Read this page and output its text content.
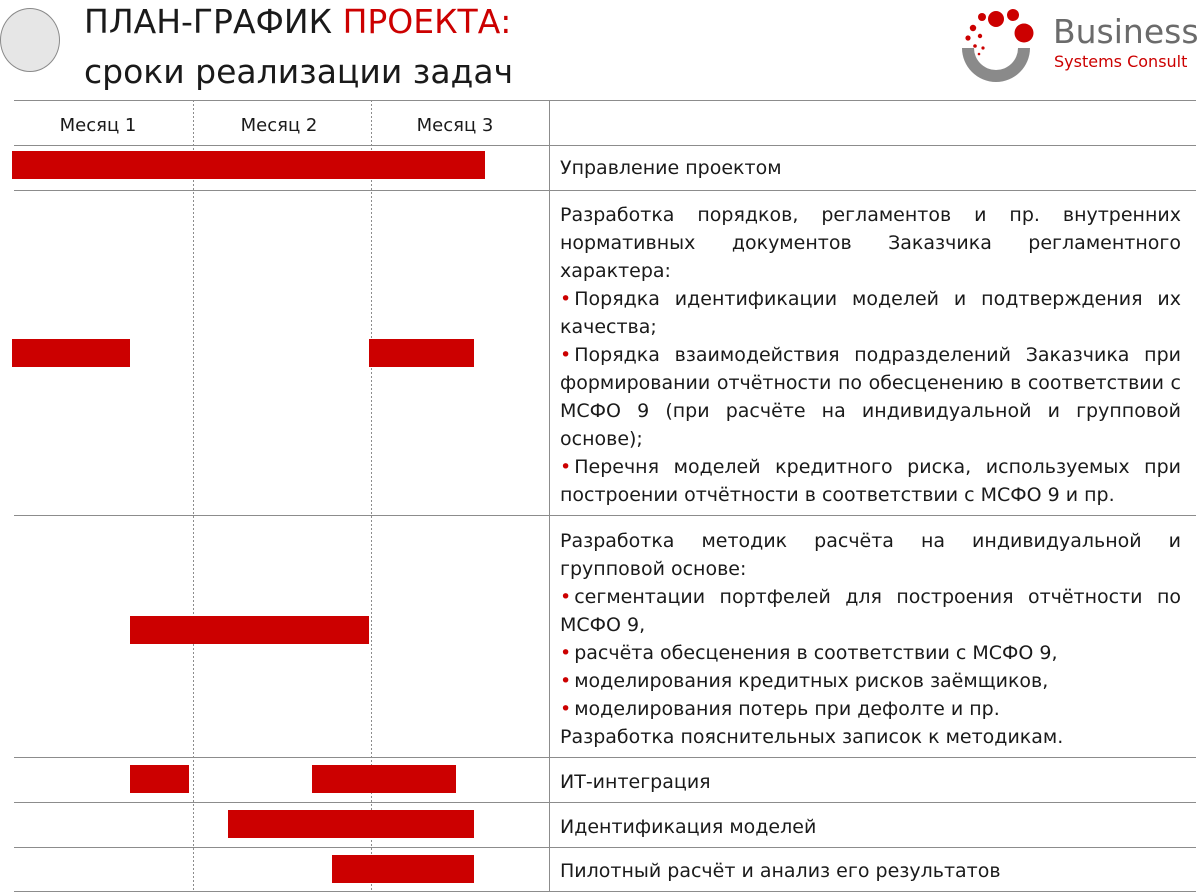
ПЛАН-ГРАФИК ПРОЕКТА:
сроки реализации задач
Business
Systems Consult
Месяц 1	Месяц 2	Месяц 3

Управление проектом

Разработка порядков, регламентов и пр. внутренних нормативных документов Заказчика регламентного характера:

• Порядка идентификации моделей и подтверждения их качества;

• Порядка взаимодействия подразделений Заказчика при формировании отчётности по обесценению в соответствии с МСФО 9 (при расчёте на индивидуальной и групповой основе);

• Перечня моделей кредитного риска, используемых при построении отчётности в соответствии с МСФО 9 и пр.

Разработка методик расчёта на индивидуальной и групповой основе:

• сегментации портфелей для построения отчётности по МСФО 9,

• расчёта обесценения в соответствии с МСФО 9,

• моделирования кредитных рисков заёмщиков,

• моделирования потерь при дефолте и пр.

Разработка пояснительных записок к методикам.

ИТ-интеграция

Идентификация моделей

Пилотный расчёт и анализ его результатов
